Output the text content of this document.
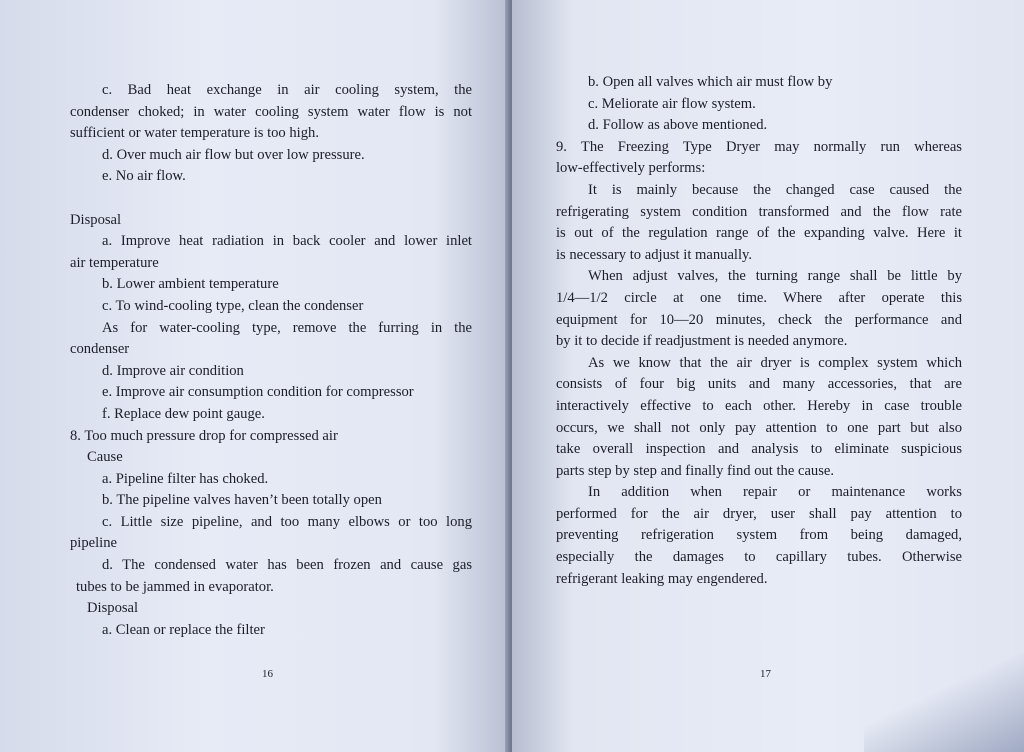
c. Bad heat exchange in air cooling system, the

condenser choked; in water cooling system water flow is not

sufficient or water temperature is too high.

d. Over much air flow but over low pressure.

e. No air flow.

Disposal

a. Improve heat radiation in back cooler and lower inlet

air temperature

b. Lower ambient temperature

c. To wind-cooling type, clean the condenser

As for water-cooling type, remove the furring in the

condenser

d. Improve air condition

e. Improve air consumption condition for compressor

f. Replace dew point gauge.

8. Too much pressure drop for compressed air

Cause

a. Pipeline filter has choked.

b. The pipeline valves haven’t been totally open

c. Little size pipeline, and too many elbows or too long

pipeline

d. The condensed water has been frozen and cause gas

tubes to be jammed in evaporator.

Disposal

a. Clean or replace the filter

16

b. Open all valves which air must flow by

c. Meliorate air flow system.

d. Follow as above mentioned.

9. The Freezing Type Dryer may normally run whereas

low-effectively performs:

It is mainly because the changed case caused the

refrigerating system condition transformed and the flow rate

is out of the regulation range of the expanding valve. Here it

is necessary to adjust it manually.

When adjust valves, the turning range shall be little by

1/4—1/2 circle at one time. Where after operate this

equipment for 10—20 minutes, check the performance and

by it to decide if readjustment is needed anymore.

As we know that the air dryer is complex system which

consists of four big units and many accessories, that are

interactively effective to each other. Hereby in case trouble

occurs, we shall not only pay attention to one part but also

take overall inspection and analysis to eliminate suspicious

parts step by step and finally find out the cause.

In addition when repair or maintenance works

performed for the air dryer, user shall pay attention to

preventing refrigeration system from being damaged,

especially the damages to capillary tubes. Otherwise

refrigerant leaking may engendered.

17
